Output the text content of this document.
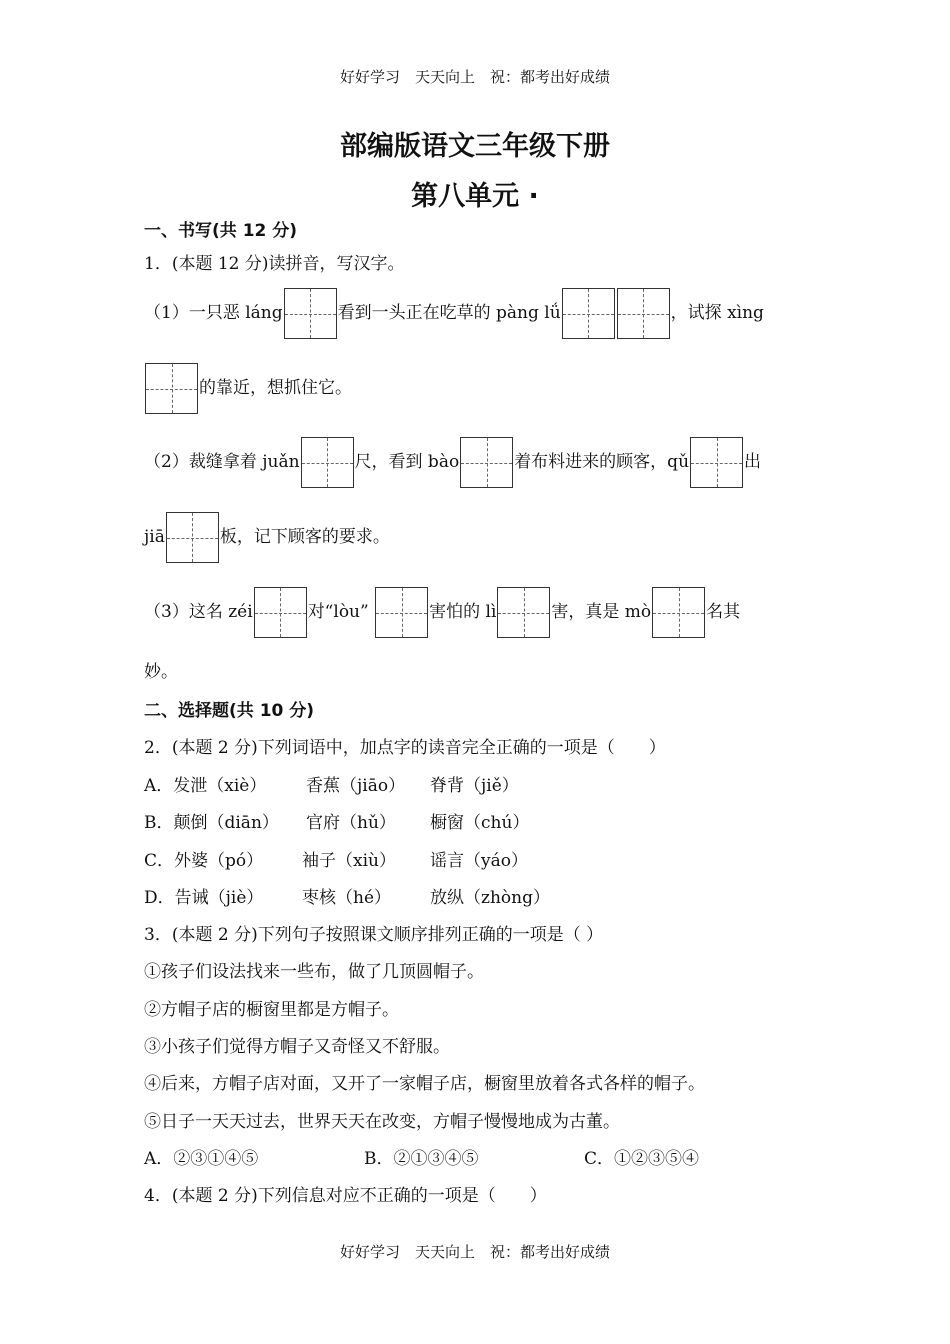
好好学习　天天向上　祝：都考出好成绩
部编版语文三年级下册
第八单元 ·
一、书写(共 12 分)
1．(本题 12 分)读拼音，写汉字。
（1）一只恶 láng	看到一头正在吃草的 pàng lǘ	，试探 xìng
的靠近，想抓住它。
（2）裁缝拿着 juǎn	尺，看到 bào	着布料进来的顾客，qǔ	出
jiā	板，记下顾客的要求。
（3）这名 zéi	对“lòu”	害怕的 lì	害，真是 mò	名其
妙。
二、选择题(共 10 分)
2．(本题 2 分)下列词语中，加点字的读音完全正确的一项是（　　）
A．发泄（xiè） 香蕉（jiāo） 脊背（jiě）
B．颠倒（diān） 官府（hǔ） 橱窗（chú）
C．外婆（pó） 袖子（xiù） 谣言（yáo）
D．告诫（jiè） 枣核（hé） 放纵（zhòng）
3．(本题 2 分)下列句子按照课文顺序排列正确的一项是（ ）
①孩子们设法找来一些布，做了几顶圆帽子。
②方帽子店的橱窗里都是方帽子。
③小孩子们觉得方帽子又奇怪又不舒服。
④后来，方帽子店对面，又开了一家帽子店，橱窗里放着各式各样的帽子。
⑤日子一天天过去，世界天天在改变，方帽子慢慢地成为古董。
A．②③①④⑤	B．②①③④⑤	C．①②③⑤④
4．(本题 2 分)下列信息对应不正确的一项是（　　）
好好学习　天天向上　祝：都考出好成绩
